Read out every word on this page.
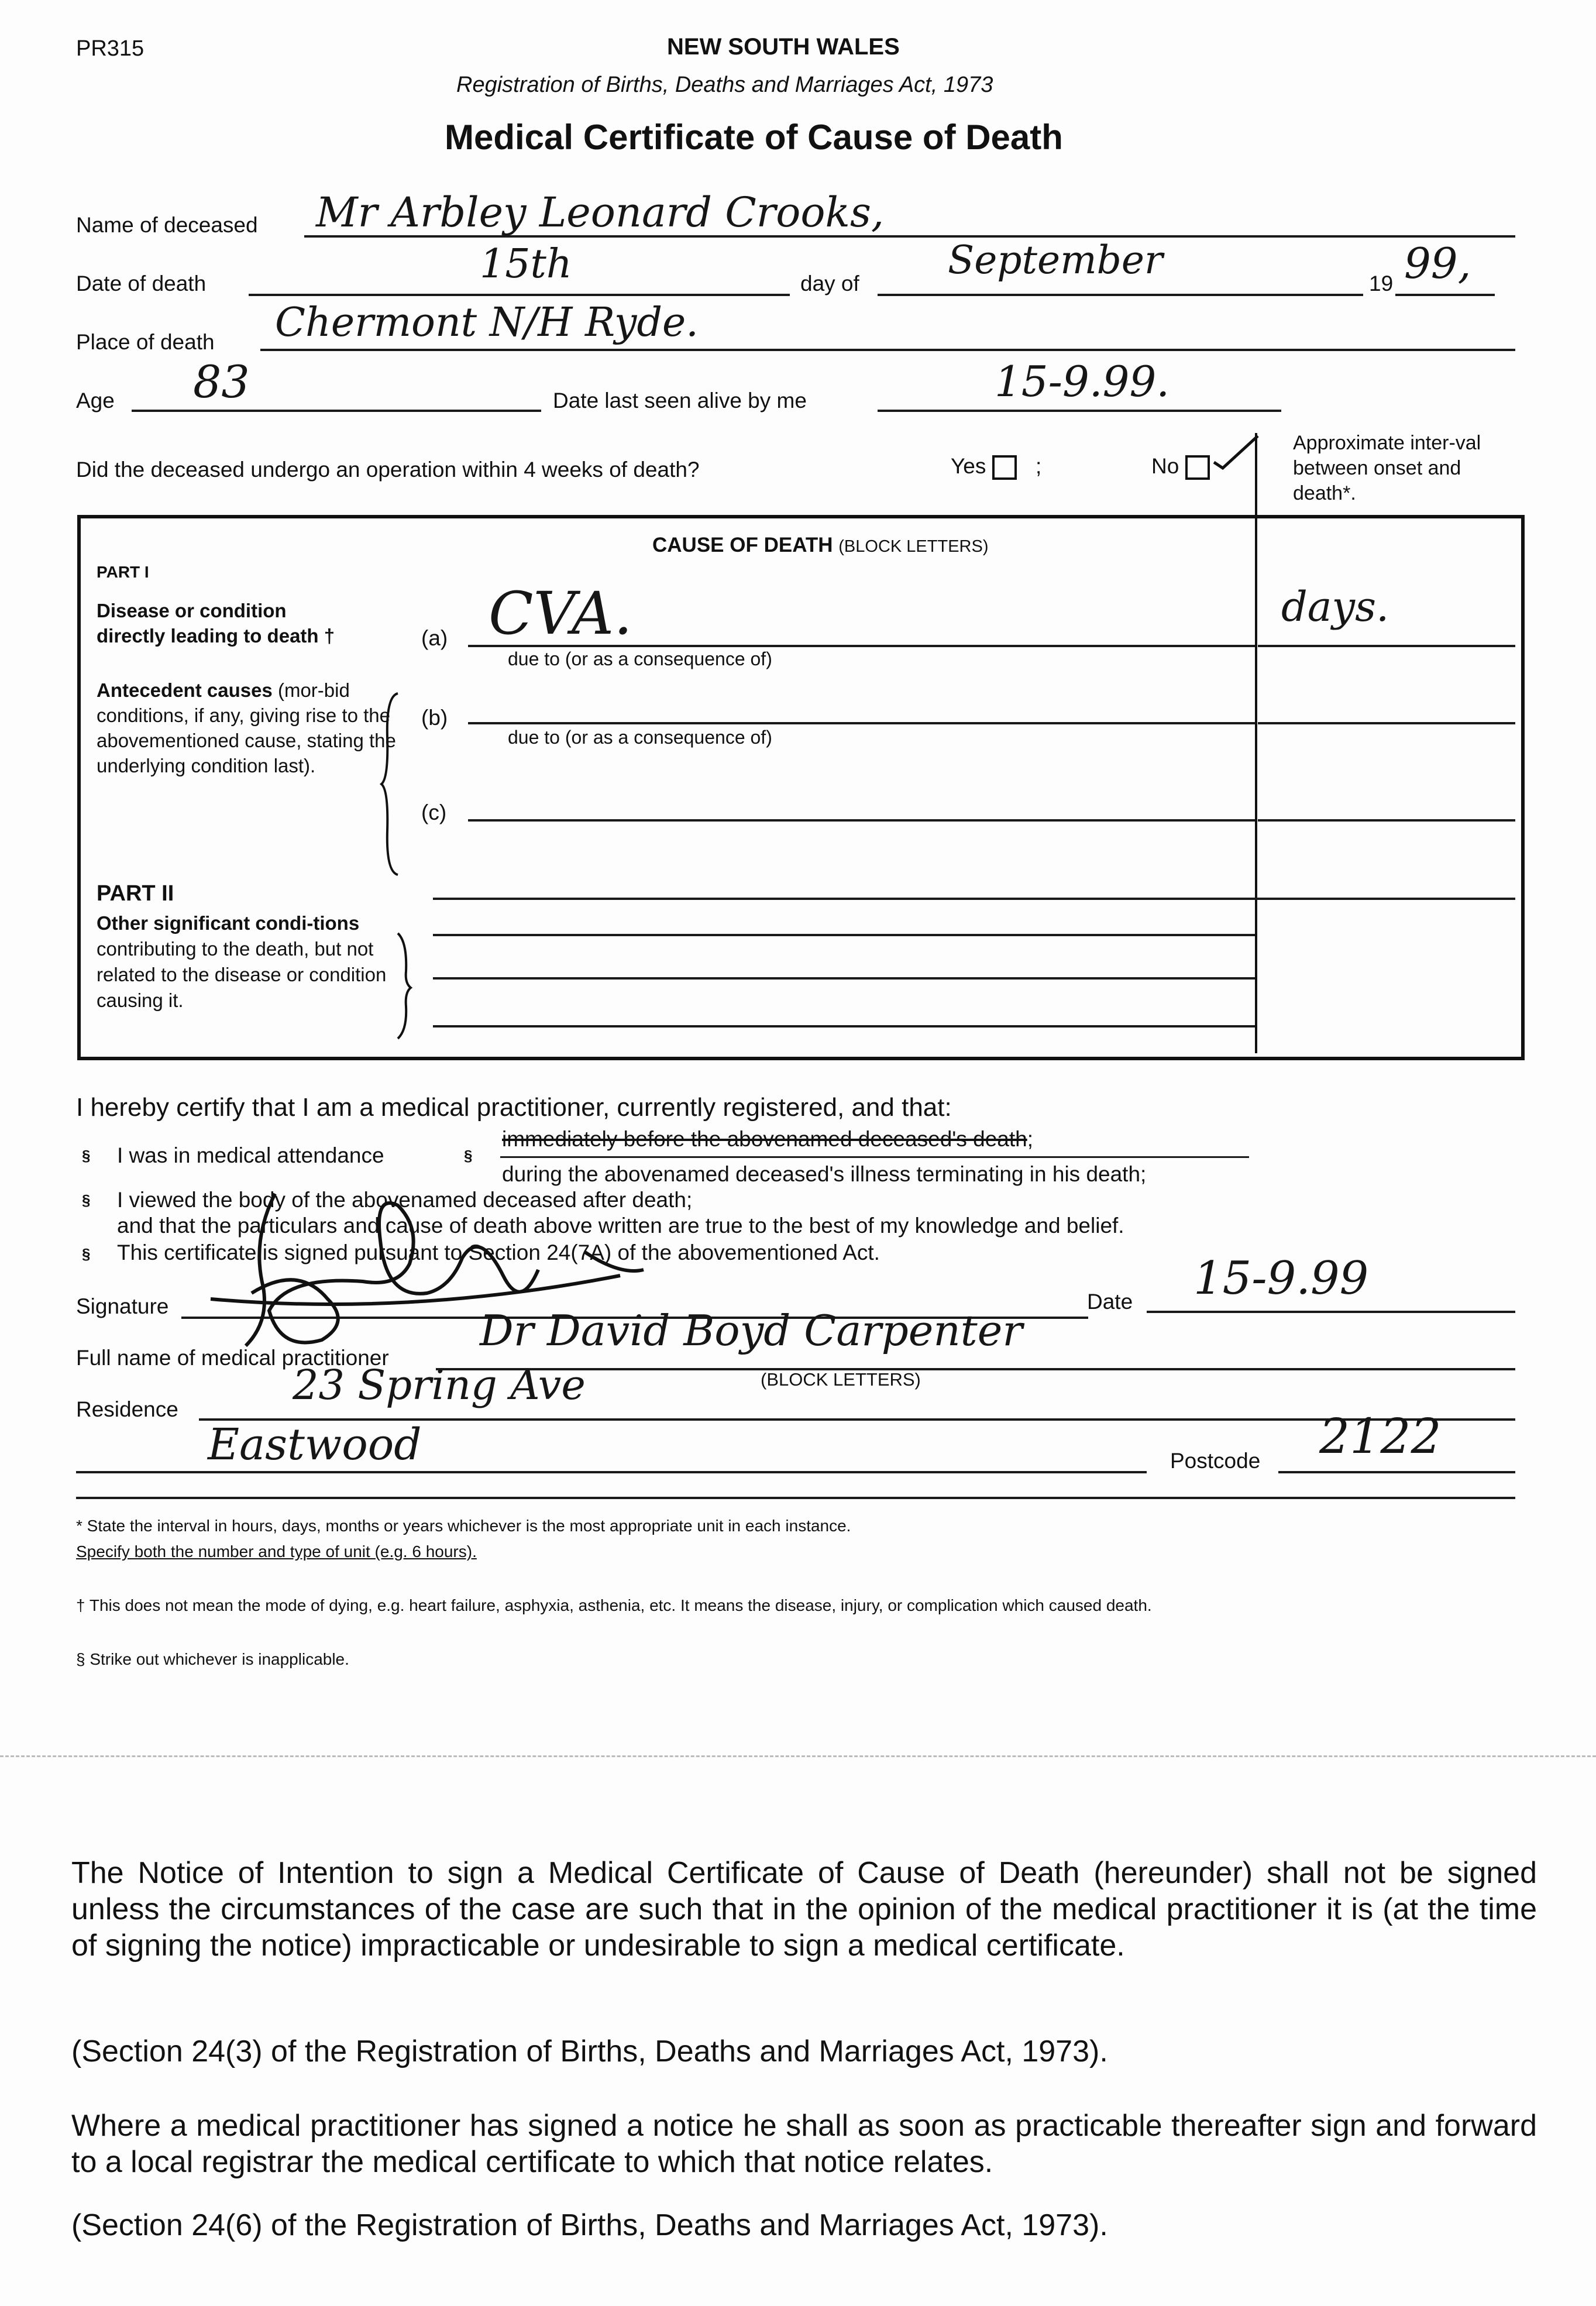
PR315	NEW SOUTH WALES
Registration of Births, Deaths and Marriages Act, 1973
Medical Certificate of Cause of Death
Name of deceased Mr Arbley Leonard Crooks,
Date of death	15th	day of
September
19 99,
Place of death Chermont N/H Ryde.
Age 83	Date last seen alive by me	15-9.99.
Did the deceased undergo an operation within 4 weeks of death?	Yes ;	No
Approximate inter-val between onset and death*.
CAUSE OF DEATH (BLOCK LETTERS)
PART I
Disease or condition directly leading to death †
Antecedent causes (mor-bid conditions, if any, giving rise to the abovementioned cause, stating the underlying condition last).
(a) CVA.	days.
due to (or as a consequence of)
(b)
due to (or as a consequence of)
(c)
PART II
Other significant condi-tions contributing to the death, but not related to the disease or condition causing it.
I hereby certify that I am a medical practitioner, currently registered, and that:
§ I was in medical attendance	§
immediately before the abovenamed deceased's death;
during the abovenamed deceased's illness terminating in his death;
§ I viewed the body of the abovenamed deceased after death;
and that the particulars and cause of death above written are true to the best of my knowledge and belief.
§ This certificate is signed pursuant to Section 24(7A) of the abovementioned Act.
Signature	Date 15-9.99
Full name of medical practitioner
Dr David Boyd Carpenter
(BLOCK LETTERS)
Residence
23 Spring Ave
Eastwood	Postcode 2122
* State the interval in hours, days, months or years whichever is the most appropriate unit in each instance.
Specify both the number and type of unit (e.g. 6 hours).
† This does not mean the mode of dying, e.g. heart failure, asphyxia, asthenia, etc. It means the disease, injury, or complication which caused death.
§ Strike out whichever is inapplicable.
The Notice of Intention to sign a Medical Certificate of Cause of Death (hereunder) shall not be signed unless the circumstances of the case are such that in the opinion of the medical practitioner it is (at the time of signing the notice) impracticable or undesirable to sign a medical certificate.
(Section 24(3) of the Registration of Births, Deaths and Marriages Act, 1973).
Where a medical practitioner has signed a notice he shall as soon as practicable thereafter sign and forward to a local registrar the medical certificate to which that notice relates.
(Section 24(6) of the Registration of Births, Deaths and Marriages Act, 1973).
